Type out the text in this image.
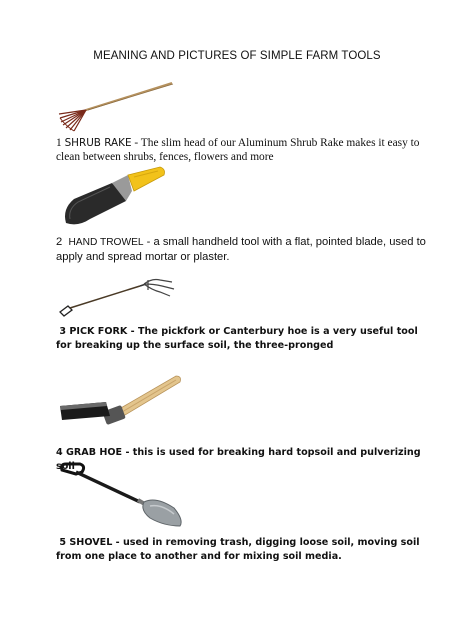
MEANING AND PICTURES OF SIMPLE FARM TOOLS
1 SHRUB RAKE - The slim head of our Aluminum Shrub Rake makes it easy to clean between shrubs, fences, flowers and more
2 HAND TROWEL - a small handheld tool with a flat, pointed blade, used to apply and spread mortar or plaster.
3 PICK FORK - The pickfork or Canterbury hoe is a very useful tool for breaking up the surface soil, the three-pronged
4 GRAB HOE - this is used for breaking hard topsoil and pulverizing soil
5 SHOVEL - used in removing trash, digging loose soil, moving soil from one place to another and for mixing soil media.
